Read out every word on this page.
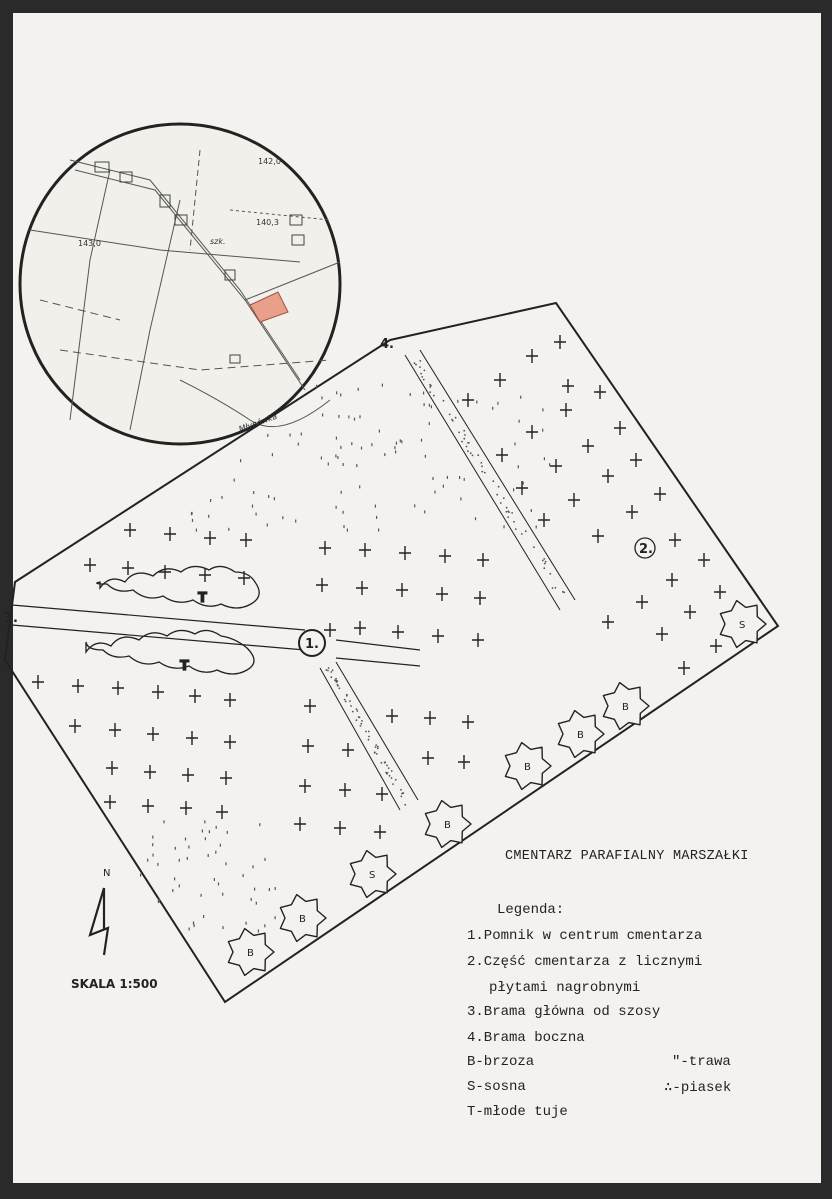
142,0
140,3
143,0	szk.
Młynówka
T
T
B
B
S
B
B
B
B
S
1.
2.
3.
4.
N
SKALA 1:500
CMENTARZ PARAFIALNY MARSZAŁKI
Legenda:
1.Pomnik w centrum cmentarza
2.Część cmentarza z licznymi
płytami nagrobnymi
3.Brama główna od szosy
4.Brama boczna
B-brzoza
S-sosna
T-młode tuje
"-trawa
∴-piasek
